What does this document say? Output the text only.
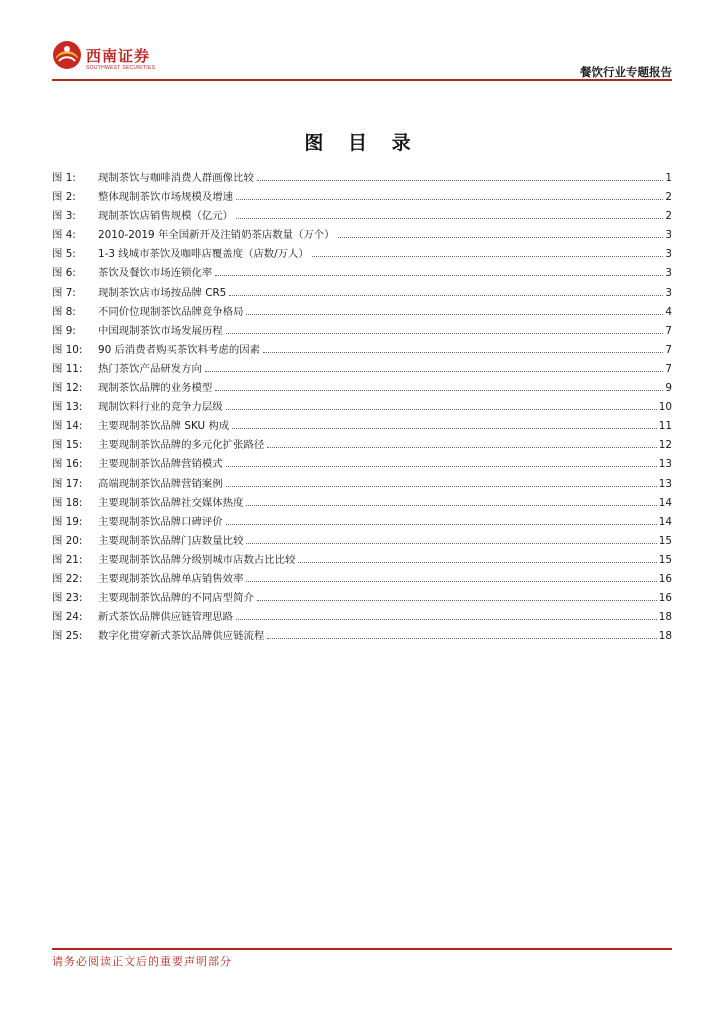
西南证券
SOUTHWEST SECURITIES	餐饮行业专题报告
图 目 录
图 1:	现制茶饮与咖啡消费人群画像比较	1
图 2:	整体现制茶饮市场规模及增速	2
图 3:	现制茶饮店销售规模（亿元）	2
图 4:	2010-2019 年全国新开及注销奶茶店数量（万个）	3
图 5:	1-3 线城市茶饮及咖啡店覆盖度（店数/万人）	3
图 6:	茶饮及餐饮市场连锁化率	3
图 7:	现制茶饮店市场按品牌 CR5	3
图 8:	不同价位现制茶饮品牌竞争格局	4
图 9:	中国现制茶饮市场发展历程	7
图 10:	90 后消费者购买茶饮料考虑的因素	7
图 11:	热门茶饮产品研发方向	7
图 12:	现制茶饮品牌的业务模型	9
图 13:	现制饮料行业的竞争力层级	10
图 14:	主要现制茶饮品牌 SKU 构成	11
图 15:	主要现制茶饮品牌的多元化扩张路径	12
图 16:	主要现制茶饮品牌营销模式	13
图 17:	高端现制茶饮品牌营销案例	13
图 18:	主要现制茶饮品牌社交媒体热度	14
图 19:	主要现制茶饮品牌口碑评价	14
图 20:	主要现制茶饮品牌门店数量比较	15
图 21:	主要现制茶饮品牌分级别城市店数占比比较	15
图 22:	主要现制茶饮品牌单店销售效率	16
图 23:	主要现制茶饮品牌的不同店型简介	16
图 24:	新式茶饮品牌供应链管理思路	18
图 25:	数字化贯穿新式茶饮品牌供应链流程	18
请务必阅读正文后的重要声明部分
